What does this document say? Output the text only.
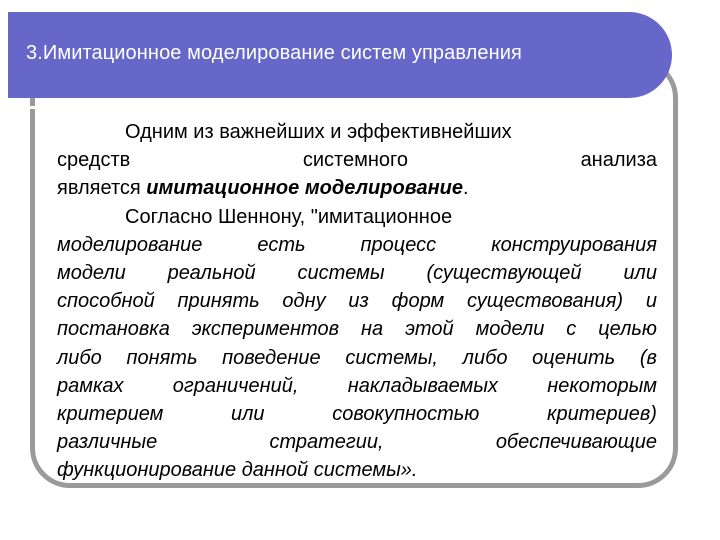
3.Имитационное моделирование систем управления
Одним из важнейших и эффективнейших
средств	системного	анализа
является имитационное моделирование.
Согласно Шеннону, "имитационное
моделирование	есть	процесс	конструирования
модели реальной системы (существующей или
способной принять одну из форм существования) и
постановка экспериментов на этой модели с целью
либо понять поведение системы, либо оценить (в
рамках ограничений, накладываемых некоторым
критерием	или	совокупностью	критериев)
различные	стратегии,	обеспечивающие
функционирование данной системы».
